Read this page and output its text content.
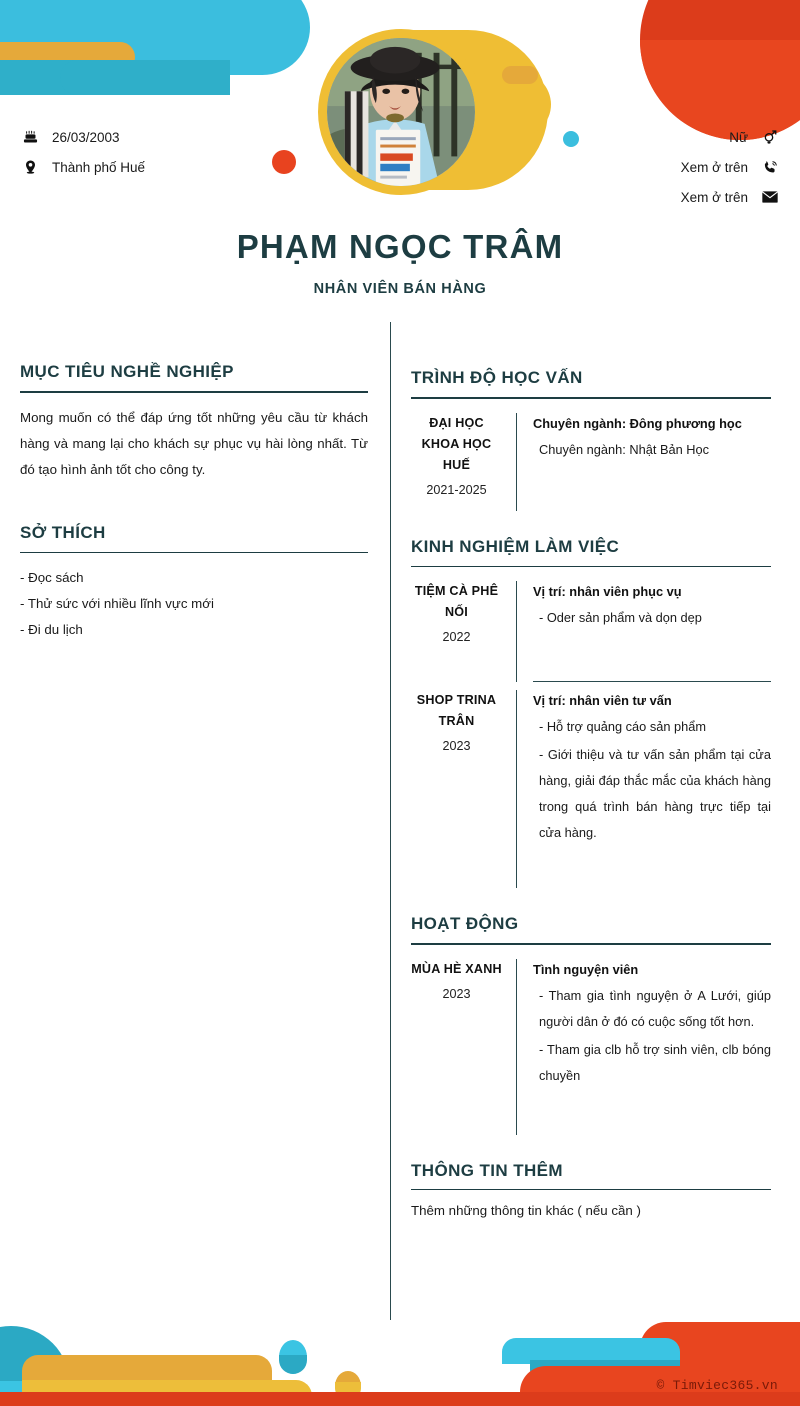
26/03/2003
Thành phố Huế
Nữ
Xem ở trên
Xem ở trên
PHẠM NGỌC TRÂM
NHÂN VIÊN BÁN HÀNG
MỤC TIÊU NGHỀ NGHIỆP
Mong muốn có thể đáp ứng tốt những yêu cầu từ khách hàng và mang lại cho khách sự phục vụ hài lòng nhất. Từ đó tạo hình ảnh tốt cho công ty.
SỞ THÍCH
- Đọc sách
- Thử sức với nhiều lĩnh vực mới
- Đi du lịch
TRÌNH ĐỘ HỌC VẤN
ĐẠI HỌC KHOA HỌC HUẾ
2021-2025
Chuyên ngành: Đông phương học
Chuyên ngành: Nhật Bản Học
KINH NGHIỆM LÀM VIỆC
TIỆM CÀ PHÊ NỐI
2022
Vị trí: nhân viên phục vụ
- Oder sản phẩm và dọn dẹp
SHOP TRINA TRÂN
2023
Vị trí: nhân viên tư vấn
- Hỗ trợ quảng cáo sản phẩm
- Giới thiệu và tư vấn sản phẩm tại cửa hàng, giải đáp thắc mắc của khách hàng trong quá trình bán hàng trực tiếp tại cửa hàng.
HOẠT ĐỘNG
MÙA HÈ XANH
2023
Tình nguyện viên
- Tham gia tình nguyện ở A Lưới, giúp người dân ở đó có cuộc sống tốt hơn.
- Tham gia clb hỗ trợ sinh viên, clb bóng chuyền
THÔNG TIN THÊM
Thêm những thông tin khác ( nếu cần )
© Timviec365.vn
